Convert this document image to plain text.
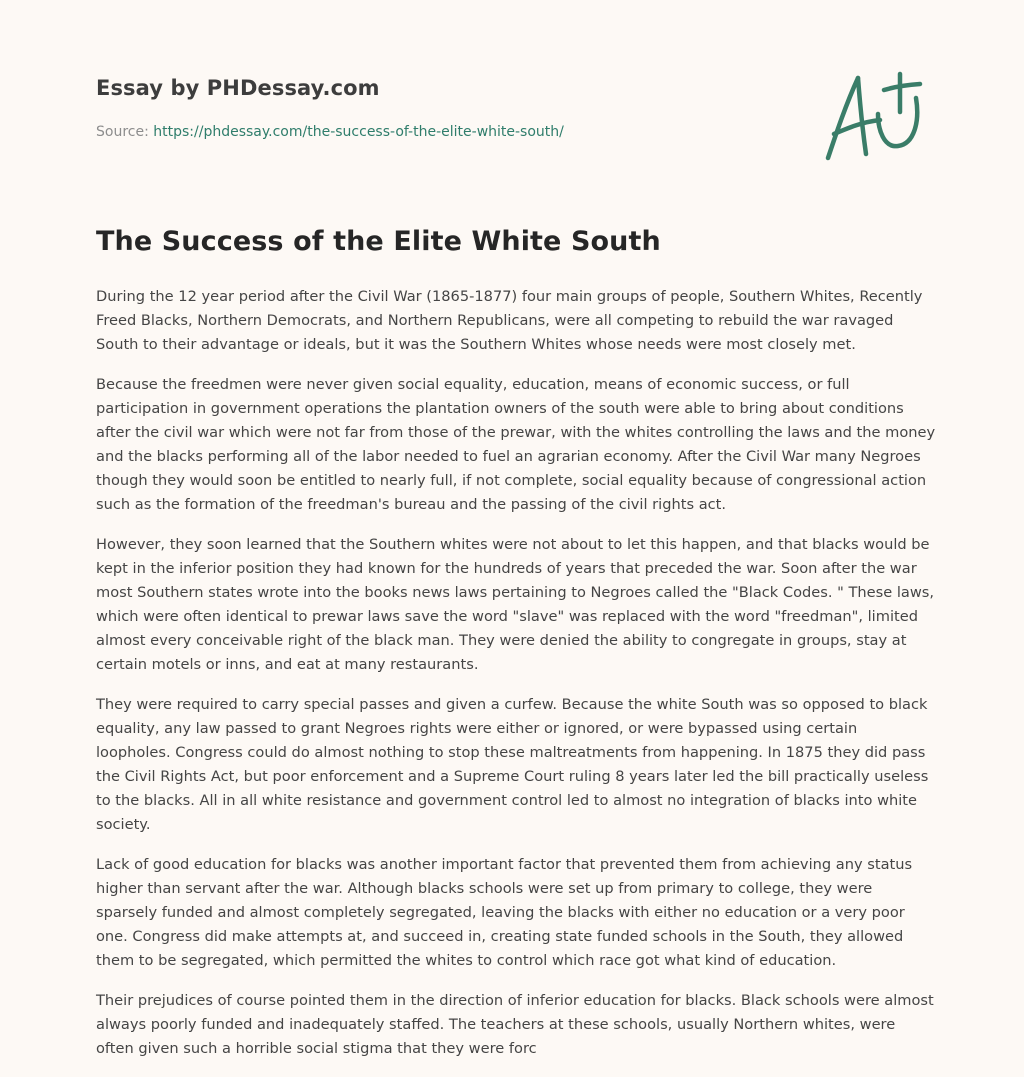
Essay by PHDessay.com

Source: https://phdessay.com/the-success-of-the-elite-white-south/

The Success of the Elite White South

During the 12 year period after the Civil War (1865-1877) four main groups of people, Southern Whites, Recently Freed Blacks, Northern Democrats, and Northern Republicans, were all competing to rebuild the war ravaged South to their advantage or ideals, but it was the Southern Whites whose needs were most closely met.

Because the freedmen were never given social equality, education, means of economic success, or full participation in government operations the plantation owners of the south were able to bring about conditions after the civil war which were not far from those of the prewar, with the whites controlling the laws and the money and the blacks performing all of the labor needed to fuel an agrarian economy. After the Civil War many Negroes though they would soon be entitled to nearly full, if not complete, social equality because of congressional action such as the formation of the freedman's bureau and the passing of the civil rights act.

However, they soon learned that the Southern whites were not about to let this happen, and that blacks would be kept in the inferior position they had known for the hundreds of years that preceded the war. Soon after the war most Southern states wrote into the books news laws pertaining to Negroes called the "Black Codes. " These laws, which were often identical to prewar laws save the word "slave" was replaced with the word "freedman", limited almost every conceivable right of the black man. They were denied the ability to congregate in groups, stay at certain motels or inns, and eat at many restaurants.

They were required to carry special passes and given a curfew. Because the white South was so opposed to black equality, any law passed to grant Negroes rights were either or ignored, or were bypassed using certain loopholes. Congress could do almost nothing to stop these maltreatments from happening. In 1875 they did pass the Civil Rights Act, but poor enforcement and a Supreme Court ruling 8 years later led the bill practically useless to the blacks. All in all white resistance and government control led to almost no integration of blacks into white society.

Lack of good education for blacks was another important factor that prevented them from achieving any status higher than servant after the war. Although blacks schools were set up from primary to college, they were sparsely funded and almost completely segregated, leaving the blacks with either no education or a very poor one. Congress did make attempts at, and succeed in, creating state funded schools in the South, they allowed them to be segregated, which permitted the whites to control which race got what kind of education.

Their prejudices of course pointed them in the direction of inferior education for blacks. Black schools were almost always poorly funded and inadequately staffed. The teachers at these schools, usually Northern whites, were often given such a horrible social stigma that they were forc
